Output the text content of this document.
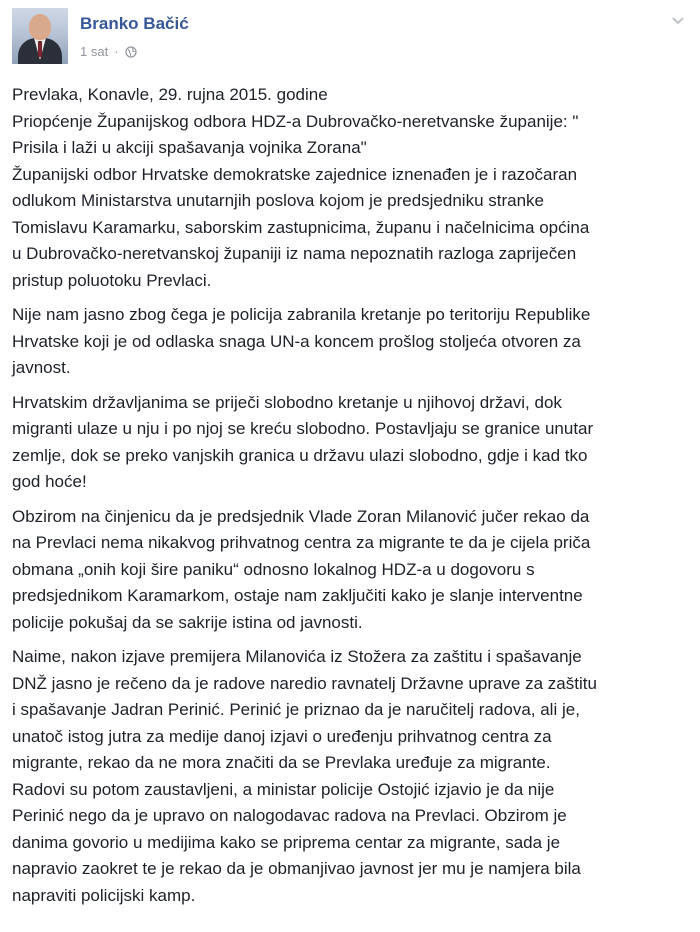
Branko Bačić
1 sat ·

Prevlaka, Konavle, 29. rujna 2015. godine
Priopćenje Županijskog odbora HDZ-a Dubrovačko-neretvanske županije: "
Prisila i laži u akciji spašavanja vojnika Zorana"
Županijski odbor Hrvatske demokratske zajednice iznenađen je i razočaran
odlukom Ministarstva unutarnjih poslova kojom je predsjedniku stranke
Tomislavu Karamarku, saborskim zastupnicima, županu i načelnicima općina
u Dubrovačko-neretvanskoj županiji iz nama nepoznatih razloga zapriječen
pristup poluotoku Prevlaci.

Nije nam jasno zbog čega je policija zabranila kretanje po teritoriju Republike
Hrvatske koji je od odlaska snaga UN-a koncem prošlog stoljeća otvoren za
javnost.

Hrvatskim državljanima se priječi slobodno kretanje u njihovoj državi, dok
migranti ulaze u nju i po njoj se kreću slobodno. Postavljaju se granice unutar
zemlje, dok se preko vanjskih granica u državu ulazi slobodno, gdje i kad tko
god hoće!

Obzirom na činjenicu da je predsjednik Vlade Zoran Milanović jučer rekao da
na Prevlaci nema nikakvog prihvatnog centra za migrante te da je cijela priča
obmana „onih koji šire paniku“ odnosno lokalnog HDZ-a u dogovoru s
predsjednikom Karamarkom, ostaje nam zaključiti kako je slanje interventne
policije pokušaj da se sakrije istina od javnosti.

Naime, nakon izjave premijera Milanovića iz Stožera za zaštitu i spašavanje
DNŽ jasno je rečeno da je radove naredio ravnatelj Državne uprave za zaštitu
i spašavanje Jadran Perinić. Perinić je priznao da je naručitelj radova, ali je,
unatoč istog jutra za medije danoj izjavi o uređenju prihvatnog centra za
migrante, rekao da ne mora značiti da se Prevlaka uređuje za migrante.
Radovi su potom zaustavljeni, a ministar policije Ostojić izjavio je da nije
Perinić nego da je upravo on nalogodavac radova na Prevlaci. Obzirom je
danima govorio u medijima kako se priprema centar za migrante, sada je
napravio zaokret te je rekao da je obmanjivao javnost jer mu je namjera bila
napraviti policijski kamp.
